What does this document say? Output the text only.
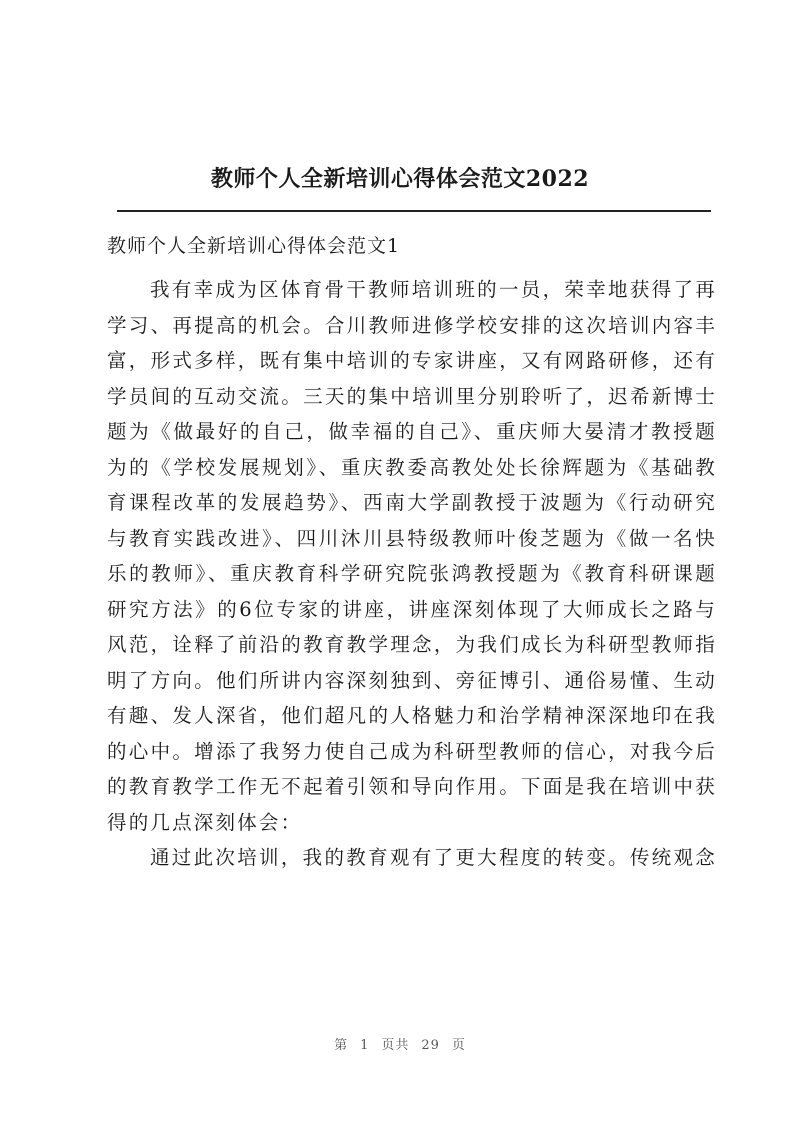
教师个人全新培训心得体会范文2022
教师个人全新培训心得体会范文1
我有幸成为区体育骨干教师培训班的一员，荣幸地获得了再
学习、再提高的机会。合川教师进修学校安排的这次培训内容丰
富，形式多样，既有集中培训的专家讲座，又有网路研修，还有
学员间的互动交流。三天的集中培训里分别聆听了，迟希新博士
题为《做最好的自己，做幸福的自己》、重庆师大晏清才教授题
为的《学校发展规划》、重庆教委高教处处长徐辉题为《基础教
育课程改革的发展趋势》、西南大学副教授于波题为《行动研究
与教育实践改进》、四川沐川县特级教师叶俊芝题为《做一名快
乐的教师》、重庆教育科学研究院张鸿教授题为《教育科研课题
研究方法》的6位专家的讲座，讲座深刻体现了大师成长之路与
风范，诠释了前沿的教育教学理念，为我们成长为科研型教师指
明了方向。他们所讲内容深刻独到、旁征博引、通俗易懂、生动
有趣、发人深省，他们超凡的人格魅力和治学精神深深地印在我
的心中。增添了我努力使自己成为科研型教师的信心，对我今后
的教育教学工作无不起着引领和导向作用。下面是我在培训中获
得的几点深刻体会：
通过此次培训，我的教育观有了更大程度的转变。传统观念
第 1 页共 29 页
